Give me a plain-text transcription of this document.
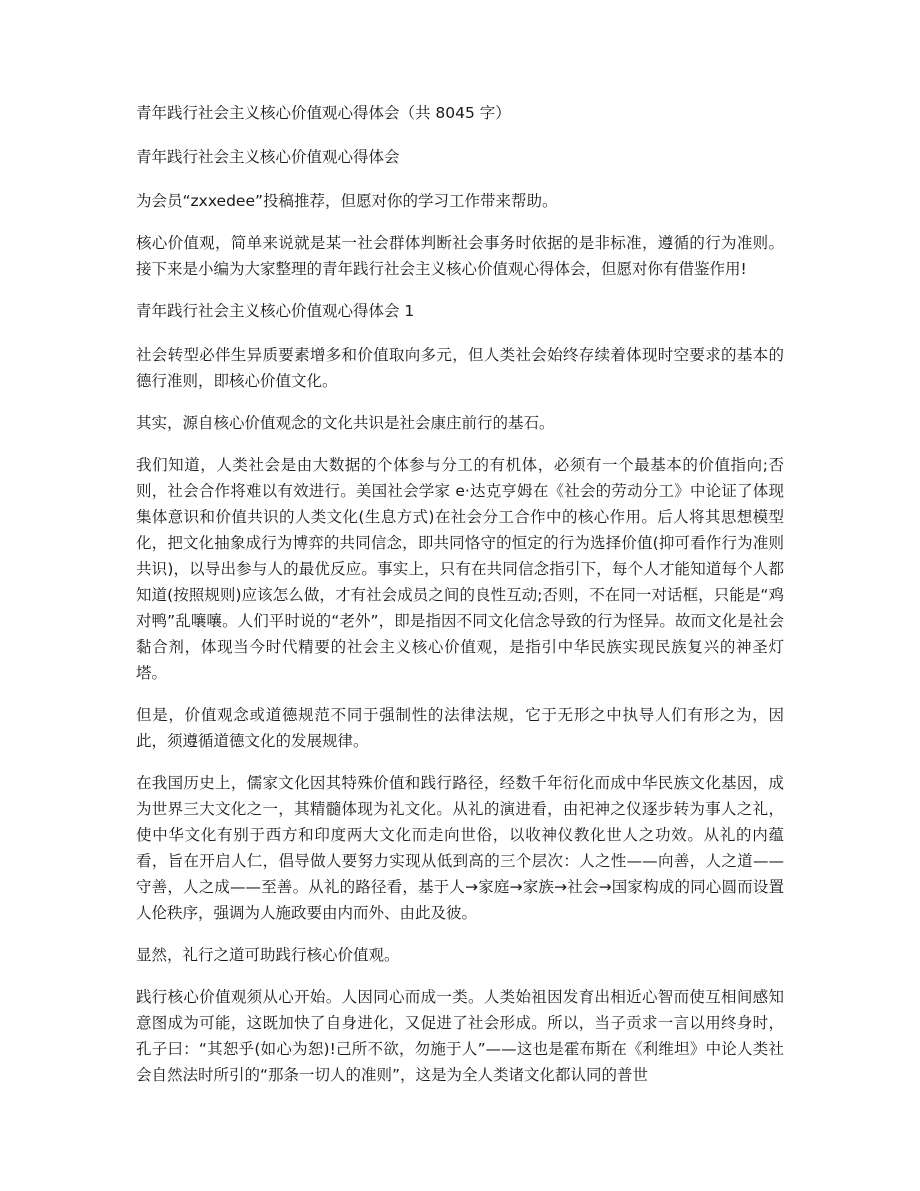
青年践行社会主义核心价值观心得体会（共 8045 字）

青年践行社会主义核心价值观心得体会

为会员“zxxedee”投稿推荐，但愿对你的学习工作带来帮助。

核心价值观，简单来说就是某一社会群体判断社会事务时依据的是非标准，遵循的行为准则。接下来是小编为大家整理的青年践行社会主义核心价值观心得体会，但愿对你有借鉴作用!

青年践行社会主义核心价值观心得体会 1

社会转型必伴生异质要素增多和价值取向多元，但人类社会始终存续着体现时空要求的基本的德行准则，即核心价值文化。

其实，源自核心价值观念的文化共识是社会康庄前行的基石。

我们知道，人类社会是由大数据的个体参与分工的有机体，必须有一个最基本的价值指向;否则，社会合作将难以有效进行。美国社会学家 e·达克亨姆在《社会的劳动分工》中论证了体现集体意识和价值共识的人类文化(生息方式)在社会分工合作中的核心作用。后人将其思想模型化，把文化抽象成行为博弈的共同信念，即共同恪守的恒定的行为选择价值(抑可看作行为准则共识)，以导出参与人的最优反应。事实上，只有在共同信念指引下，每个人才能知道每个人都知道(按照规则)应该怎么做，才有社会成员之间的良性互动;否则，不在同一对话框，只能是“鸡对鸭”乱嚷嚷。人们平时说的“老外”，即是指因不同文化信念导致的行为怪异。故而文化是社会黏合剂，体现当今时代精要的社会主义核心价值观，是指引中华民族实现民族复兴的神圣灯塔。

但是，价值观念或道德规范不同于强制性的法律法规，它于无形之中执导人们有形之为，因此，须遵循道德文化的发展规律。

在我国历史上，儒家文化因其特殊价值和践行路径，经数千年衍化而成中华民族文化基因，成为世界三大文化之一，其精髓体现为礼文化。从礼的演进看，由祀神之仪逐步转为事人之礼，使中华文化有别于西方和印度两大文化而走向世俗，以收神仪教化世人之功效。从礼的内蕴看，旨在开启人仁，倡导做人要努力实现从低到高的三个层次：人之性——向善，人之道——守善，人之成——至善。从礼的路径看，基于人→家庭→家族→社会→国家构成的同心圆而设置人伦秩序，强调为人施政要由内而外、由此及彼。

显然，礼行之道可助践行核心价值观。

践行核心价值观须从心开始。人因同心而成一类。人类始祖因发育出相近心智而使互相间感知意图成为可能，这既加快了自身进化，又促进了社会形成。所以，当子贡求一言以用终身时，孔子曰：“其恕乎(如心为恕)!己所不欲，勿施于人”——这也是霍布斯在《利维坦》中论人类社会自然法时所引的“那条一切人的准则”，这是为全人类诸文化都认同的普世
